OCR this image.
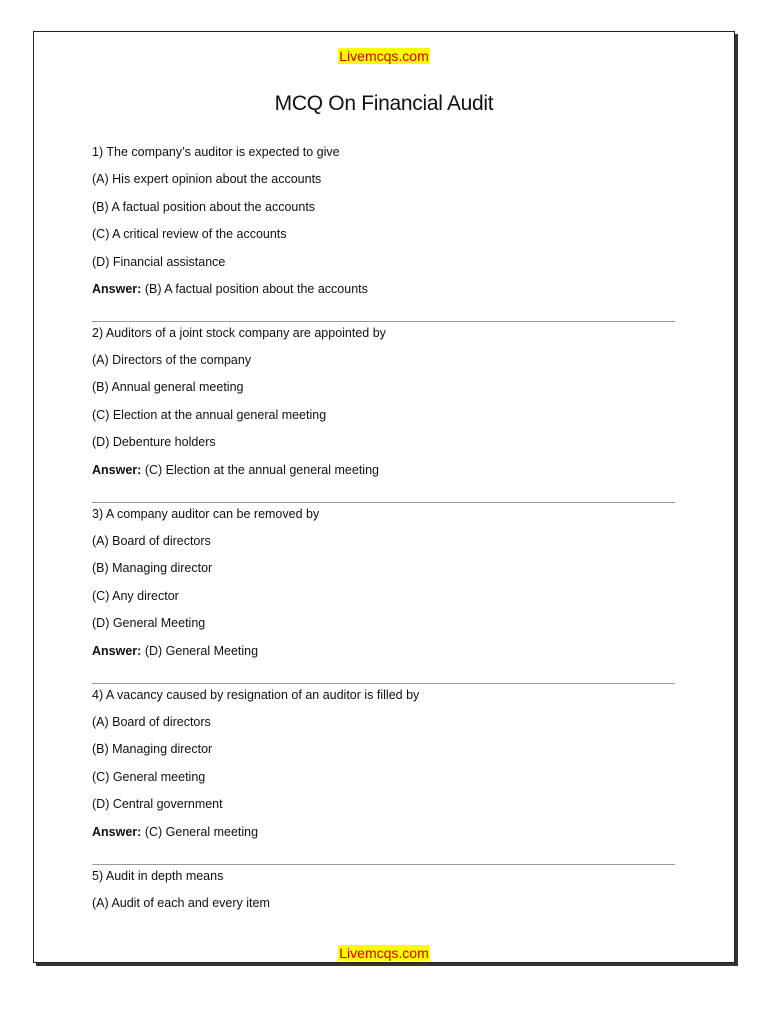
Livemcqs.com
MCQ On Financial Audit
1) The company’s auditor is expected to give
(A) His expert opinion about the accounts
(B) A factual position about the accounts
(C) A critical review of the accounts
(D) Financial assistance
Answer: (B) A factual position about the accounts
2) Auditors of a joint stock company are appointed by
(A) Directors of the company
(B) Annual general meeting
(C) Election at the annual general meeting
(D) Debenture holders
Answer: (C) Election at the annual general meeting
3) A company auditor can be removed by
(A) Board of directors
(B) Managing director
(C) Any director
(D) General Meeting
Answer: (D) General Meeting
4) A vacancy caused by resignation of an auditor is filled by
(A) Board of directors
(B) Managing director
(C) General meeting
(D) Central government
Answer: (C) General meeting
5) Audit in depth means
(A) Audit of each and every item
Livemcqs.com
